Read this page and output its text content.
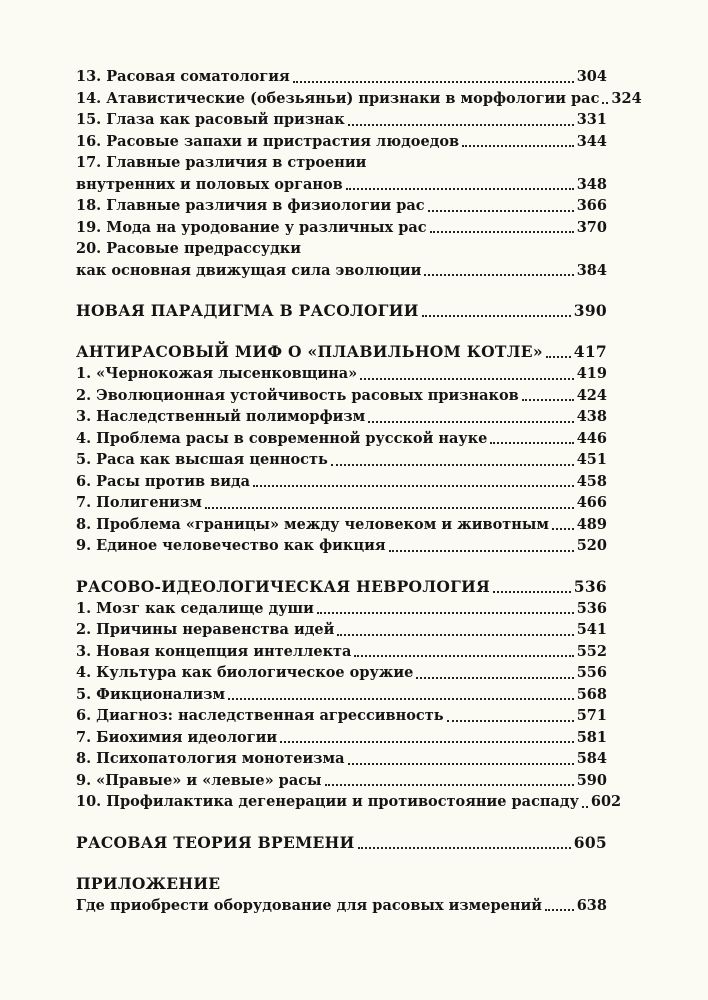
13. Расовая соматология	304
14. Атавистические (обезьяньи) признаки в морфологии рас 324
15. Глаза как расовый признак	331
16. Расовые запахи и пристрастия людоедов	344
17. Главные различия в строении
внутренних и половых органов	348
18. Главные различия в физиологии рас	366
19. Мода на уродование у различных рас	370
20. Расовые предрассудки
как основная движущая сила эволюции	384
НОВАЯ ПАРАДИГМА В РАСОЛОГИИ	390
АНТИРАСОВЫЙ МИФ О «ПЛАВИЛЬНОМ КОТЛЕ» 417
1. «Чернокожая лысенковщина»	419
2. Эволюционная устойчивость расовых признаков	424
3. Наследственный полиморфизм	438
4. Проблема расы в современной русской науке	446
5. Раса как высшая ценность	451
6. Расы против вида	458
7. Полигенизм	466
8. Проблема «границы» между человеком и животным 489
9. Единое человечество как фикция	520
РАСОВО-ИДЕОЛОГИЧЕСКАЯ НЕВРОЛОГИЯ	536
1. Мозг как седалище души	536
2. Причины неравенства идей	541
3. Новая концепция интеллекта	552
4. Культура как биологическое оружие	556
5. Фикционализм	568
6. Диагноз: наследственная агрессивность	571
7. Биохимия идеологии	581
8. Психопатология монотеизма	584
9. «Правые» и «левые» расы	590
10. Профилактика дегенерации и противостояние распаду 602
РАСОВАЯ ТЕОРИЯ ВРЕМЕНИ	605
ПРИЛОЖЕНИЕ
Где приобрести оборудование для расовых измерений 638
